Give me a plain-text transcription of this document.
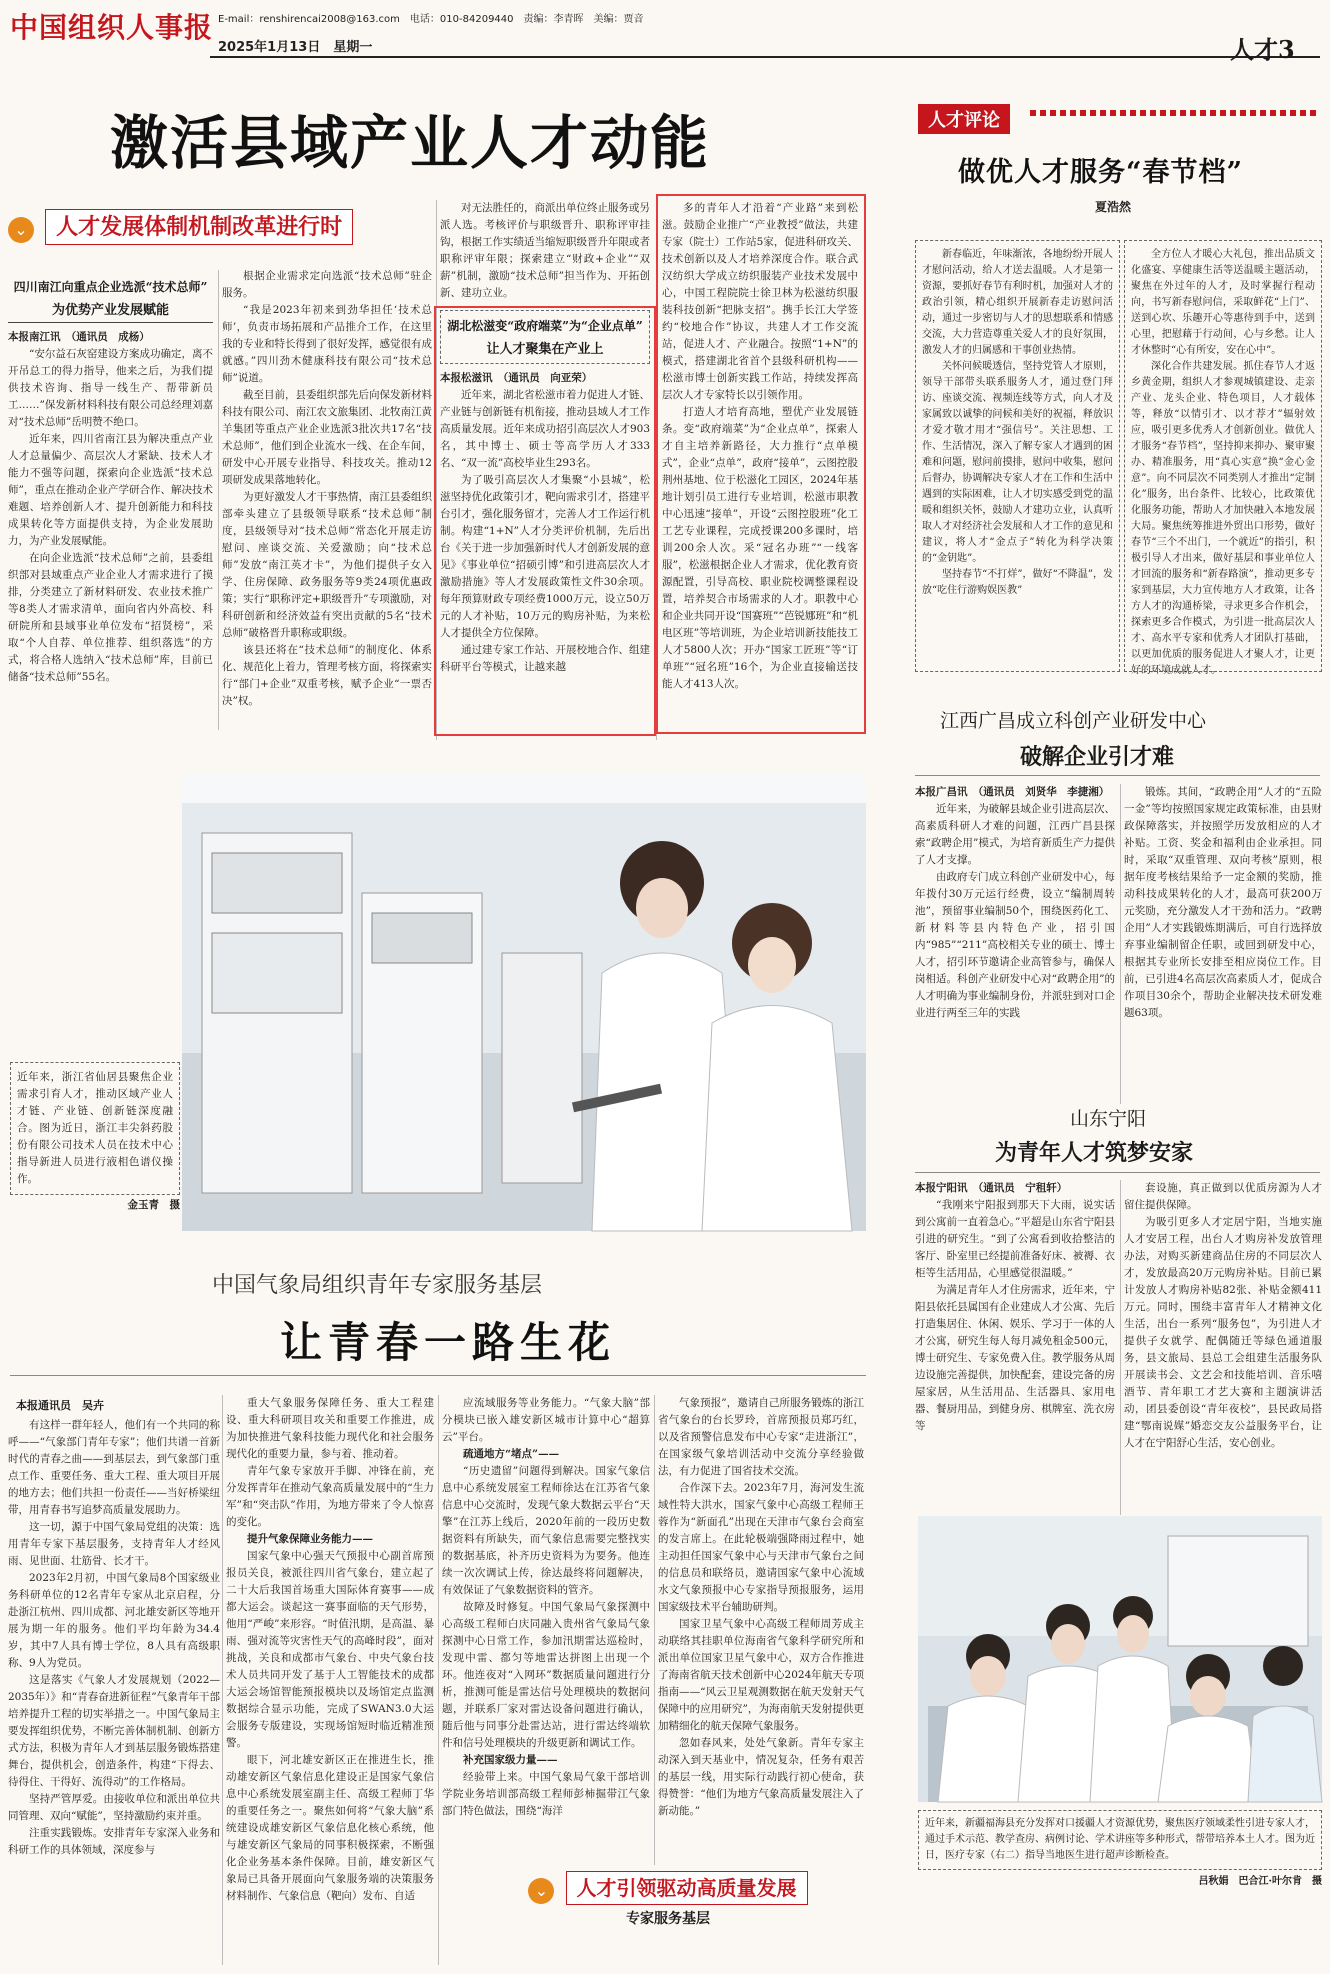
中国组织人事报 E-mail：renshirencai2008@163.com　电话：010-84209440　责编：李青晖　美编：贾音
2025年1月13日　星期一	人才3
激活县域产业人才动能
⌄ 人才发展体制机制改革进行时
四川南江向重点企业选派“技术总师”
为优势产业发展赋能
本报南江讯　（通讯员　成杨）

“安尔益石灰窑建设方案成功确定，离不开吊总工的得力指导，他来之后，为我们提供技术咨询、指导一线生产、帮带新员工……”保发新材料科技有限公司总经理刘嘉对“技术总师”岳明赞不绝口。

近年来，四川省南江县为解决重点产业人才总量偏少、高层次人才紧缺、技术人才能力不强等问题，探索向企业选派“技术总师”，重点在推动企业产学研合作、解决技术难题、培养创新人才、提升创新能力和科技成果转化等方面提供支持，为企业发展助力，为产业发展赋能。

在向企业选派“技术总师”之前，县委组织部对县域重点产业企业人才需求进行了摸排，分类建立了新材料研发、农业技术推广等8类人才需求清单，面向省内外高校、科研院所和县域事业单位发布“招贤榜”，采取“个人自荐、单位推荐、组织落选”的方式，将合格人选纳入“技术总师”库，目前已储备“技术总师”55名。

根据企业需求定向选派“技术总师”驻企服务。

“我是2023年初来到劲华担任‘技术总师’，负责市场拓展和产品推介工作，在这里我的专业和特长得到了很好发挥，感觉很有成就感。”四川劲木健康科技有限公司“技术总师”说道。

截至目前，县委组织部先后向保发新材料科技有限公司、南江农文旅集团、北牧南江黄羊集团等重点产业企业选派3批次共17名“技术总师”，他们到企业流水一线、在企车间，研发中心开展专业指导、科技攻关。推动12项研发成果落地转化。

为更好激发人才干事热情，南江县委组织部牵头建立了县级领导联系“技术总师”制度，县级领导对“技术总师”常态化开展走访慰问、座谈交流、关爱激励；向“技术总师”发放“南江英才卡”，为他们提供子女入学、住房保障、政务服务等9类24项优惠政策；实行“职称评定+职级晋升”专项激励，对科研创新和经济效益有突出贡献的5名“技术总师”破格晋升职称或职级。

该县还将在“技术总师”的制度化、体系化、规范化上着力，管理考核方面，将探索实行“部门+企业”双重考核，赋予企业“一票否决”权。

对无法胜任的，商派出单位终止服务或另派人选。考核评价与职级晋升、职称评审挂钩，根据工作实绩适当缩短职级晋升年限或者职称评审年限；探索建立“财政+企业”“双薪”机制，激励“技术总师”担当作为、开拓创新、建功立业。

湖北松滋变“政府端菜”为“企业点单”
让人才聚集在产业上
本报松滋讯　（通讯员　向亚荣）

近年来，湖北省松滋市着力促进人才链、产业链与创新链有机衔接，推动县域人才工作高质量发展。近年来成功招引高层次人才903名，其中博士、硕士等高学历人才333名、“双一流”高校毕业生293名。

为了吸引高层次人才集聚“小县城”，松滋坚持优化政策引才，靶向需求引才，搭建平台引才，强化服务留才，完善人才工作运行机制。构建“1+N”人才分类评价机制，先后出台《关于进一步加强新时代人才创新发展的意见》《事业单位“招硕引博”和引进高层次人才激励措施》等人才发展政策性文件30余项。每年预算财政专项经费1000万元，设立50万元的人才补贴，10万元的购房补贴，为来松人才提供全方位保障。

通过建专家工作站、开展校地合作、组建科研平台等模式，让越来越

多的青年人才沿着“产业路”来到松滋。鼓励企业推广“产业教授”做法，共建专家（院士）工作站5家，促进科研攻关、技术创新以及人才培养深度合作。联合武汉纺织大学成立纺织服装产业技术发展中心，中国工程院院士徐卫林为松滋纺织服装科技创新“把脉支招”。携手长江大学签约“校地合作”协议，共建人才工作交流站，促进人才、产业融合。按照“1+N”的模式，搭建湖北省首个县级科研机构——松滋市博士创新实践工作站，持续发挥高层次人才专家特长以引领作用。

打造人才培育高地，塑优产业发展链条。变“政府端菜”为“企业点单”，探索人才自主培养新路径，大力推行“点单模式”，企业“点单”，政府“接单”，云图控股荆州基地、位于松滋化工园区，2024年基地计划引员工进行专业培训，松滋市职教中心迅速“接单”，开设“云图控股班”化工工艺专业课程，完成授课200多课时，培训200余人次。采“冠名办班”“一线客服”，松滋根据企业人才需求，优化教育资源配置，引导高校、职业院校调整课程设置，培养契合市场需求的人才。职教中心和企业共同开设“国赛班”“芭锐娜班”和“机电区班”等培训班，为企业培训新技能技工人才5800人次；开办“国家工匠班”等“订单班”“冠名班”16个，为企业直接输送技能人才413人次。

近年来，浙江省仙居县聚焦企业需求引育人才，推动区域产业人才链、产业链、创新链深度融合。图为近日，浙江丰尖斜药股份有限公司技术人员在技术中心指导新进人员进行液相色谱仪操作。
金玉青　摄
中国气象局组织青年专家服务基层
让青春一路生花
本报通讯员　吴卉

有这样一群年轻人，他们有一个共同的称呼——“气象部门青年专家”；他们共谱一首新时代的青春之曲——到基层去，到气象部门重点工作、重要任务、重大工程、重大项目开展的地方去；他们共担一份责任——当好桥梁纽带，用青春书写追梦高质量发展助力。

这一切，源于中国气象局党组的决策：选用青年专家下基层服务，支持青年人才经风雨、见世面、壮筋骨、长才干。

2023年2月初，中国气象局8个国家级业务科研单位的12名青年专家从北京启程，分赴浙江杭州、四川成都、河北雄安新区等地开展为期一年的服务。他们平均年龄为34.4岁，其中7人具有博士学位，8人具有高级职称、9人为党员。

这是落实《气象人才发展规划（2022—2035年）》和“青春奋进新征程”气象青年干部培养提升工程的切实举措之一。中国气象局主要发挥组织优势，不断完善体制机制、创新方式方法，积极为青年人才到基层服务锻炼搭建舞台，提供机会，创造条件，构建“下得去、待得住、干得好、流得动”的工作格局。

坚持严管厚爱。由接收单位和派出单位共同管理、双向“赋能”，坚持激励约束并重。

注重实践锻炼。安排青年专家深入业务和科研工作的具体领域，深度参与

重大气象服务保障任务、重大工程建设、重大科研项目攻关和重要工作推进，成为加快推进气象科技能力现代化和社会服务现代化的重要力量，参与着、推动着。

青年气象专家放开手脚、冲锋在前，充分发挥青年在推动气象高质量发展中的“生力军”和“突击队”作用，为地方带来了令人惊喜的变化。

提升气象保障业务能力——

国家气象中心强天气预报中心副首席预报员关良，被派往四川省气象台，建立起了二十大后我国首场重大国际体育赛事——成都大运会。谈起这一赛事面临的天气形势，他用“严峻”来形容。“时值汛期，是高温、暴雨、强对流等灾害性天气的高峰时段”，面对挑战，关良和成都市气象台、中央气象台技术人员共同开发了基于人工智能技术的成都大运会场馆智能预报模块以及场馆定点监测数据综合显示功能，完成了SWAN3.0大运会服务专版建设，实现场馆短时临近精准预警。

眼下，河北雄安新区正在推进生长，推动雄安新区气象信息化建设正是国家气象信息中心系统发展室副主任、高级工程师丁华的重要任务之一。聚焦如何将“气象大脑”系统建设成雄安新区气象信息化核心系统，他与雄安新区气象局的同事积极探索，不断强化企业务基本条件保障。目前，雄安新区气象局已具备开展面向气象服务端的决策服务材料制作、气象信息（靶向）发布、自适

应流域服务等业务能力。“气象大脑”部分模块已嵌入雄安新区城市计算中心“超算云”平台。

疏通地方“堵点”——

“历史遗留”问题得到解决。国家气象信息中心系统发展室工程师徐达在江苏省气象信息中心交流时，发现气象大数据云平台“天擎”在江苏上线后，2020年前的一段历史数据资料有所缺失，而气象信息需要完整找实的数据基底，补齐历史资料为为要务。他连续一次次调试上传，徐达最终将问题解决，有效保证了气象数据资料的管齐。

故障及时修复。中国气象局气象探测中心高级工程师白庆同融入贵州省气象局气象探测中心日常工作，参加汛期雷达巡检时，发现中雷、都匀等地雷达拼图上出现一个环。他连夜对“入网环”数据质量问题进行分析，推测可能是雷达信号处理模块的数据问题，并联系厂家对雷达设备问题进行确认，随后他与同事分赴雷达站，进行雷达终端软件和信号处理模块的升级更新和调试工作。

补充国家级力量——

经验带上来。中国气象局气象干部培训学院业务培训部高级工程师彭柿掘带江气象部门特色做法，围绕“海洋

气象预报”，邀请自己所服务锻炼的浙江省气象台的台长罗玲，首席预报员郑巧红，以及省预警信息发布中心专家“走进浙江”，在国家级气象培训活动中交流分享经验做法，有力促进了国省技术交流。

合作深下去。2023年7月，海河发生流域性特大洪水，国家气象中心高级工程师王蓉作为“新面孔”出现在天津市气象台会商室的发言席上。在此轮极端强降雨过程中，她主动担任国家气象中心与天津市气象台之间的信息员和联络员，邀请国家气象中心流域水文气象预报中心专家指导预报服务，运用国家级技术平台辅助研判。

国家卫星气象中心高级工程师周芳成主动联络其挂职单位海南省气象科学研究所和派出单位国家卫星气象中心，双方合作推进了海南省航天技术创新中心2024年航天专项指南——“风云卫星观测数据在航天发射天气保障中的应用研究”，为海南航天发射提供更加精细化的航天保障气象服务。

忽如春风来，处处气象新。青年专家主动深入到天基业中，情况复杂，任务有艰苦的基层一线，用实际行动践行初心使命，获得赞誉：“他们为地方气象高质量发展注入了新动能。”

⌄ 人才引领驱动高质量发展
专家服务基层
人才评论
做优人才服务“春节档”
夏浩然

新春临近，年味渐浓，各地纷纷开展人才慰问活动，给人才送去温暖。人才是第一资源，要抓好春节有利时机，加强对人才的政治引领，精心组织开展新春走访慰问活动，通过一步密切与人才的思想联系和情感交流，大力营造尊重关爱人才的良好氛围，激发人才的归属感和干事创业热情。

关怀问候暖透信，坚持党管人才原则，领导干部带头联系服务人才，通过登门拜访、座谈交流、视频连线等方式，向人才及家属致以诚挚的问候和美好的祝福，释放识才爱才敬才用才“强信号”。关注思想、工作、生活情况，深入了解专家人才遇到的困难和问题，慰问前摸排，慰问中收集，慰问后督办，协调解决专家人才在工作和生活中遇到的实际困难，让人才切实感受到党的温暖和组织关怀，鼓励人才建功立业，认真听取人才对经济社会发展和人才工作的意见和建议，将人才“金点子”转化为科学决策的“金钥匙”。

坚持春节“不打烊”，做好“不降温”，发放“吃住行游购娱医教”

全方位人才暖心大礼包，推出品质文化盛宴、享健康生活等送温暖主题活动，聚焦在外过年的人才，及时掌握行程动向，书写新春慰问信，采取鲜花“上门”、送到心坎、乐趣开心等惠待到手中，送到心里，把慰藉于行动间，心与乡愁。让人才休整时“心有所安，安在心中”。

深化合作共建发展。抓住春节人才返乡黄金期，组织人才参观城镇建设、走亲产业、龙头企业、特色项目，人才载体等，释放“以情引才、以才荐才”辐射效应，吸引更多优秀人才创新创业。做优人才服务“春节档”，坚持抑来抑办、聚审聚办、精准服务，用“真心实意”换“金心金意”。向不同层次不同类别人才推出“定制化”服务，出台条件、比较心，比政策优化服务功能，帮助人才加快融入本地发展大局。聚焦统筹推进外贸出口形势，做好春节“三个不出门，一个就近”的指引，积极引导人才出来，做好基层和事业单位人才回流的服务和“新春路演”，推动更多专家到基层，大力宣传地方人才政策，让各方人才的沟通桥梁，寻求更多合作机会，探索更多合作模式，为引进一批高层次人才、高水平专家和优秀人才团队打基础，以更加优质的服务促进人才聚人才，让更好的环境成就人才。

江西广昌成立科创产业研发中心
破解企业引才难
本报广昌讯　（通讯员　刘贤华　李捷湘）

近年来，为破解县域企业引进高层次、高素质科研人才难的问题，江西广昌县探索“政聘企用”模式，为培育新质生产力提供了人才支撑。

由政府专门成立科创产业研发中心，每年拨付30万元运行经费，设立“编制周转池”，预留事业编制50个，围绕医药化工、新材料等县内特色产业，招引国内“985”“211”高校相关专业的硕士、博士人才，招引环节邀请企业高管参与，确保人岗相适。科创产业研发中心对“政聘企用”的人才明确为事业编制身份，并派驻到对口企业进行两至三年的实践

锻炼。其间，“政聘企用”人才的“五险一金”等均按照国家规定政策标准，由县财政保障落实，并按照学历发放相应的人才补贴。工资、奖金和福利由企业承担。同时，采取“双重管理、双向考核”原则，根据年度考核结果给予一定金额的奖励，推动科技成果转化的人才，最高可获200万元奖励，充分激发人才干劲和活力。“政聘企用”人才实践锻炼期满后，可自行选择放弃事业编制留企任职，或回到研发中心，根据其专业所长安排至相应岗位工作。目前，已引进4名高层次高素质人才，促成合作项目30余个，帮助企业解决技术研发难题63项。

山东宁阳
为青年人才筑梦安家
本报宁阳讯　（通讯员　宁租轩）

“我刚来宁阳报到那天下大雨，说实话到公寓前一直着急心。”平超是山东省宁阳县引进的研究生。“到了公寓看到收拾整洁的客厅、卧室里已经提前准备好床、被褥、衣柜等生活用品，心里感觉很温暖。”

为满足青年人才住房需求，近年来，宁阳县依托县属国有企业建成人才公寓、先后打造集居住、休闲、娱乐、学习于一体的人才公寓，研究生每人每月减免租金500元，博士研究生、专家免费入住。教学服务从周边设施完善提供，加快配套，建设完备的房屋家居，从生活用品、生活器具、家用电器、餐厨用品，到健身房、棋牌室、洗衣房等

套设施，真正做到以优质房源为人才留住提供保障。

为吸引更多人才定居宁阳，当地实施人才安居工程，出台人才购房补发放管理办法，对购买新建商品住房的不同层次人才，发放最高20万元购房补贴。目前已累计发放人才购房补贴82张、补贴金额411万元。同时，围绕丰富青年人才精神文化生活，出台一系列“服务包”，为引进人才提供子女就学、配偶随迁等绿色通道服务，县文旅局、县总工会组建生活服务队开展读书会、文艺会和技能培训、音乐嘻酒节、青年职工才艺大赛和主题演讲活动，团县委创设“青年夜校”，县民政局搭建“鄂南说媒”婚恋交友公益服务平台，让人才在宁阳舒心生活，安心创业。

近年来，新疆福海县充分发挥对口援疆人才资源优势，聚焦医疗领域柔性引进专家人才，通过手术示范、教学查房、病例讨论、学术讲座等多种形式，帮带培养本土人才。图为近日，医疗专家（右二）指导当地医生进行超声诊断检查。
吕秋娟　巴合江·叶尔肯　摄
